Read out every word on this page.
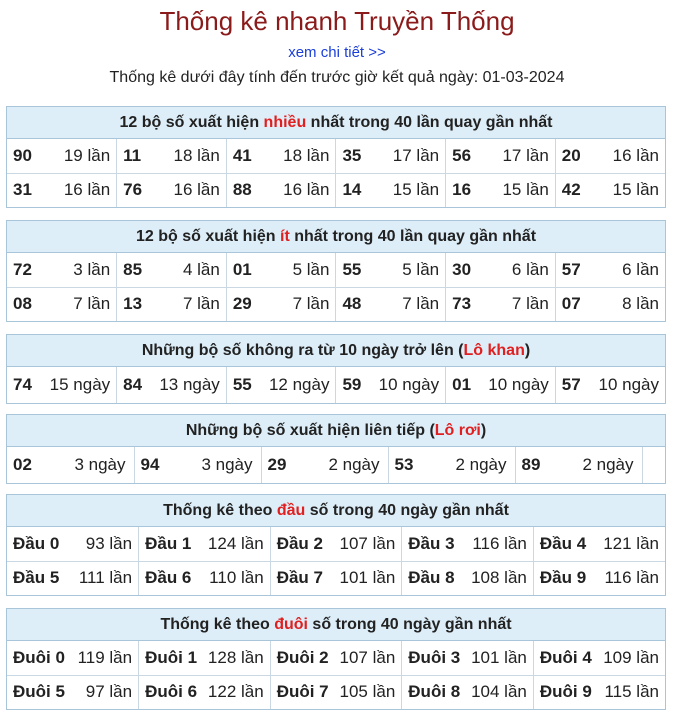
Thống kê nhanh Truyền Thống
xem chi tiết >>
Thống kê dưới đây tính đến trước giờ kết quả ngày: 01-03-2024
12 bộ số xuất hiện nhiều nhất trong 40 lần quay gần nhất
90 19 lần	11 18 lần	41 18 lần	35 17 lần	56 17 lần	20 16 lần

31 16 lần	76 16 lần	88 16 lần	14 15 lần	16 15 lần	42 15 lần
12 bộ số xuất hiện ít nhất trong 40 lần quay gần nhất
72 3 lần	85 4 lần	01 5 lần	55 5 lần	30 6 lần	57 6 lần

08 7 lần	13 7 lần	29 7 lần	48 7 lần	73 7 lần	07 8 lần
Những bộ số không ra từ 10 ngày trở lên (Lô khan)
74 15 ngày	84 13 ngày	55 12 ngày	59 10 ngày	01 10 ngày	57 10 ngày
Những bộ số xuất hiện liên tiếp (Lô rơi)
02	3 ngày	94 3 ngày	29 2 ngày	53 2 ngày	89 2 ngày

Thống kê theo đầu số trong 40 ngày gần nhất
Đầu 0 93 lần	Đầu 1 124 lần	Đầu 2 107 lần	Đầu 3 116 lần	Đầu 4 121 lần

Đầu 5 111 lần	Đầu 6 110 lần	Đầu 7 101 lần	Đầu 8 108 lần	Đầu 9 116 lần
Thống kê theo đuôi số trong 40 ngày gần nhất
Đuôi 0 119 lần	Đuôi 1 128 lần	Đuôi 2 107 lần	Đuôi 3 101 lần	Đuôi 4 109 lần

Đuôi 5 97 lần	Đuôi 6 122 lần	Đuôi 7 105 lần	Đuôi 8 104 lần	Đuôi 9 115 lần
